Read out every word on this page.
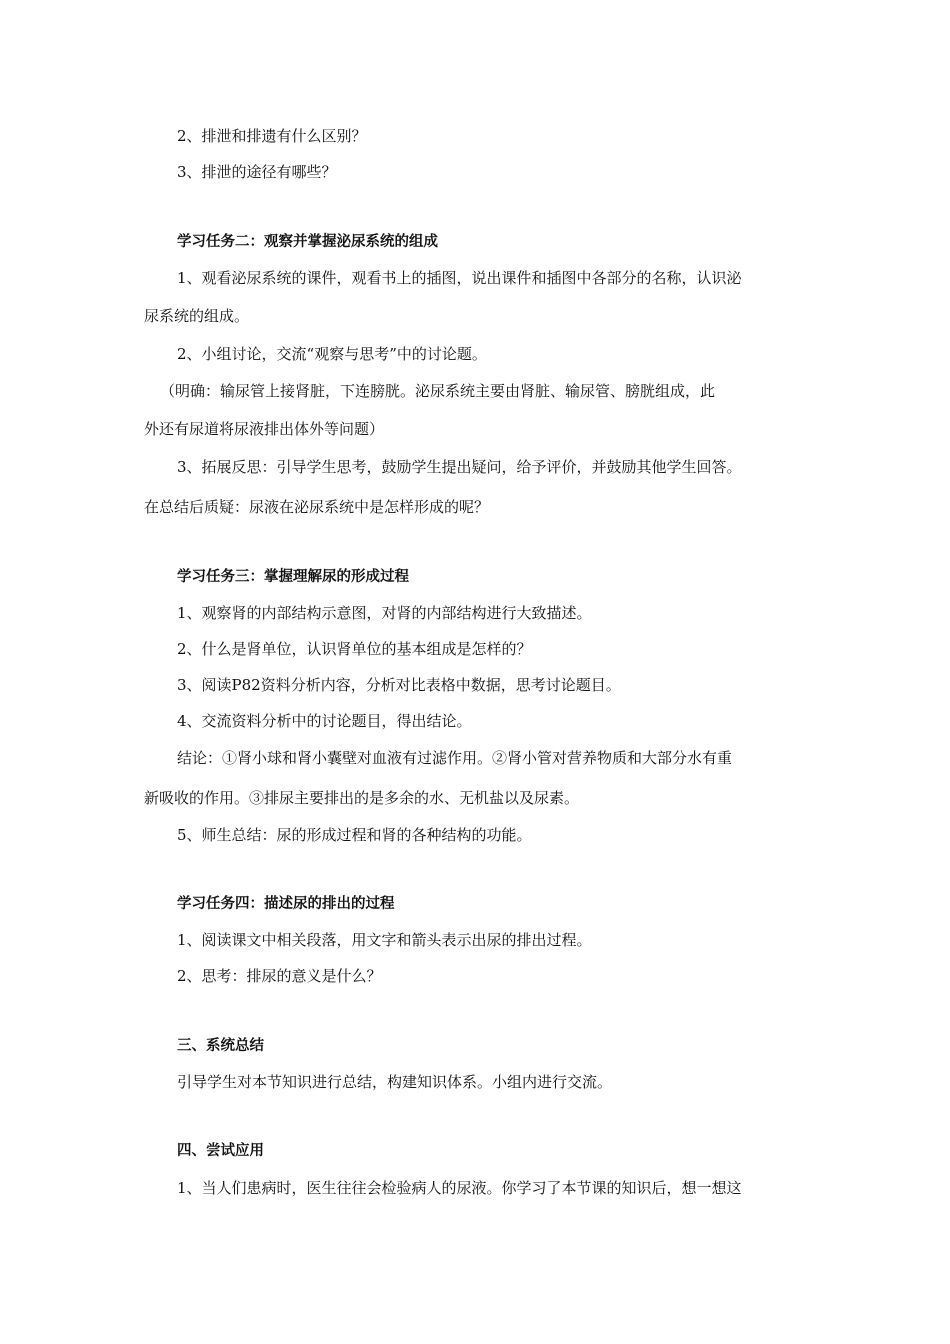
2、排泄和排遗有什么区别？
3、排泄的途径有哪些？
学习任务二：观察并掌握泌尿系统的组成
1、观看泌尿系统的课件，观看书上的插图，说出课件和插图中各部分的名称，认识泌
尿系统的组成。
2、小组讨论，交流“观察与思考”中的讨论题。
（明确：输尿管上接肾脏，下连膀胱。泌尿系统主要由肾脏、输尿管、膀胱组成，此
外还有尿道将尿液排出体外等问题）
3、拓展反思：引导学生思考，鼓励学生提出疑问，给予评价，并鼓励其他学生回答。
在总结后质疑：尿液在泌尿系统中是怎样形成的呢？
学习任务三：掌握理解尿的形成过程
1、观察肾的内部结构示意图，对肾的内部结构进行大致描述。
2、什么是肾单位，认识肾单位的基本组成是怎样的？
3、阅读P82资料分析内容，分析对比表格中数据，思考讨论题目。
4、交流资料分析中的讨论题目，得出结论。
结论：①肾小球和肾小囊壁对血液有过滤作用。②肾小管对营养物质和大部分水有重
新吸收的作用。③排尿主要排出的是多余的水、无机盐以及尿素。
5、师生总结：尿的形成过程和肾的各种结构的功能。
学习任务四：描述尿的排出的过程
1、阅读课文中相关段落，用文字和箭头表示出尿的排出过程。
2、思考：排尿的意义是什么？
三、系统总结
引导学生对本节知识进行总结，构建知识体系。小组内进行交流。
四、尝试应用
1、当人们患病时，医生往往会检验病人的尿液。你学习了本节课的知识后，想一想这
